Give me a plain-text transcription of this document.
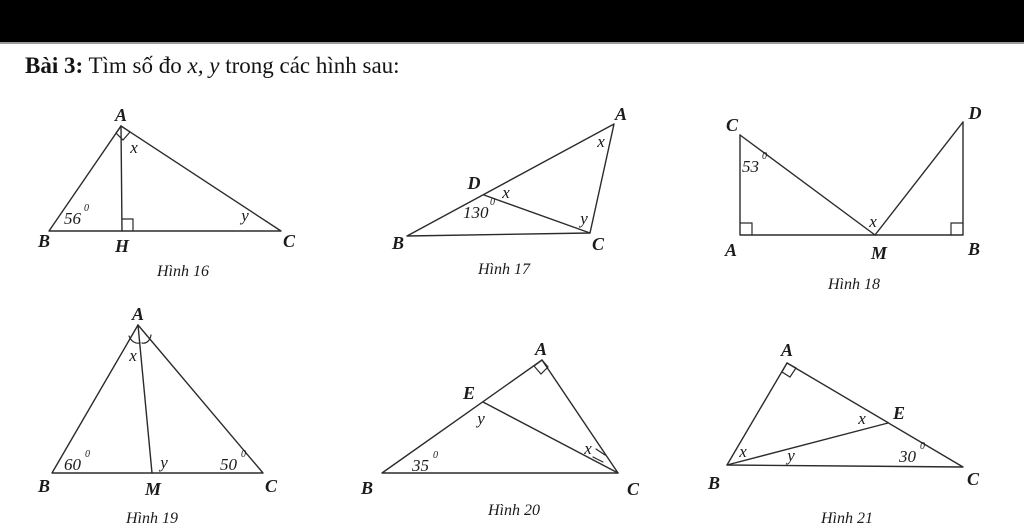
Bài 3: Tìm số đo x, y trong các hình sau:
A
B	C
H
x
y
56
0
Hình 16
A
B	C
D x
x
y
130
0
Hình 17
C
A	M	B
D
x
53
0
Hình 18
A
B	C
M
x
y
60
0
50
0
Hình 19
A
B	C
E
y
x
35
0
Hình 20
A
B	C
E
x
x y	30
0
Hình 21
